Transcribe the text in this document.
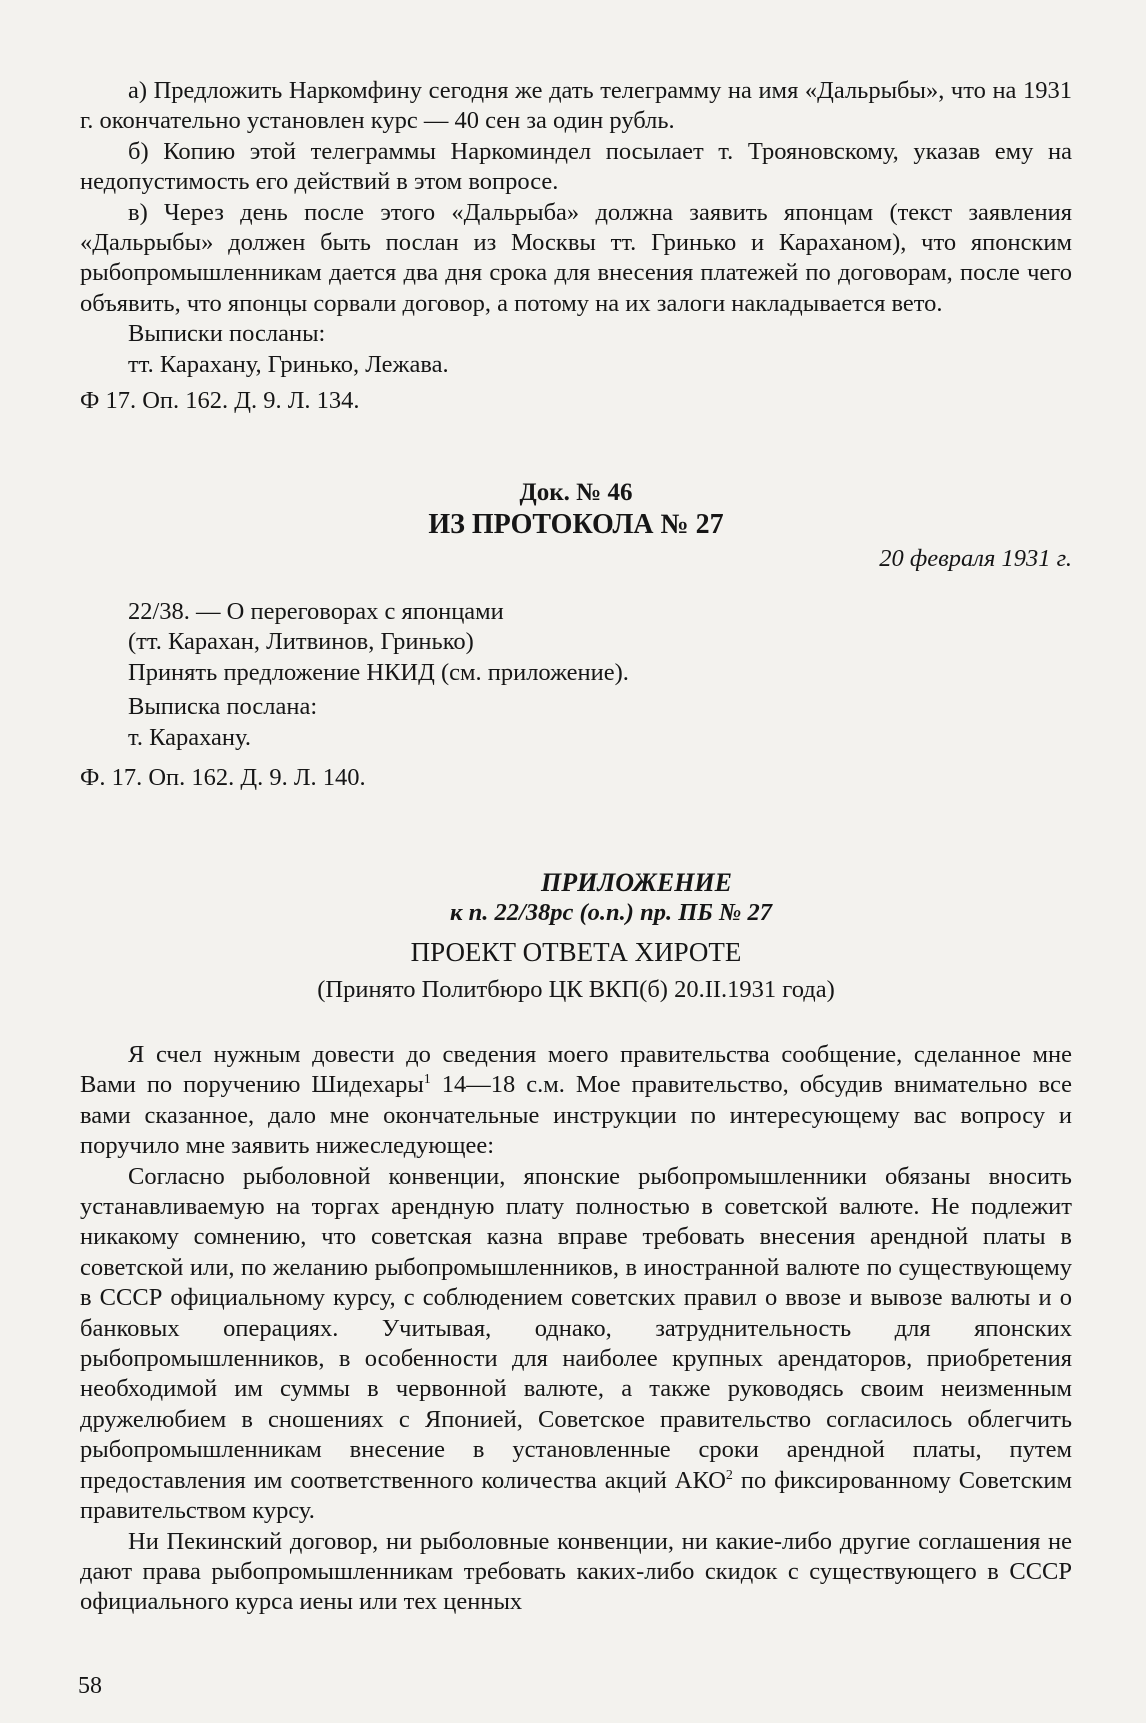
а) Предложить Наркомфину сегодня же дать телеграмму на имя «Дальрыбы», что на 1931 г. окончательно установлен курс — 40 сен за один рубль.

б) Копию этой телеграммы Наркоминдел посылает т. Трояновскому, указав ему на недопустимость его действий в этом вопросе.

в) Через день после этого «Дальрыба» должна заявить японцам (текст заявления «Дальрыбы» должен быть послан из Москвы тт. Гринько и Караханом), что японским рыбопромышленникам дается два дня срока для внесения платежей по договорам, после чего объявить, что японцы сорвали договор, а потому на их залоги накладывается вето.

Выписки посланы:

тт. Карахану, Гринько, Лежава.

Ф 17. Оп. 162. Д. 9. Л. 134.

Док. № 46

ИЗ ПРОТОКОЛА № 27

20 февраля 1931 г.

22/38. — О переговорах с японцами

(тт. Карахан, Литвинов, Гринько)

Принять предложение НКИД (см. приложение).

Выписка послана:

т. Карахану.

Ф. 17. Оп. 162. Д. 9. Л. 140.

ПРИЛОЖЕНИЕ

к п. 22/38рс (о.п.) пр. ПБ № 27

ПРОЕКТ ОТВЕТА ХИРОТЕ

(Принято Политбюро ЦК ВКП(б) 20.II.1931 года)

Я счел нужным довести до сведения моего правительства сообщение, сделанное мне Вами по поручению Шидехары$^1$ 14—18 с.м. Мое правительство, обсудив внимательно все вами сказанное, дало мне окончательные инструкции по интересующему вас вопросу и поручило мне заявить нижеследующее:

Согласно рыболовной конвенции, японские рыбопромышленники обязаны вносить устанавливаемую на торгах арендную плату полностью в советской валюте. Не подлежит никакому сомнению, что советская казна вправе требовать внесения арендной платы в советской или, по желанию рыбопромышленников, в иностранной валюте по существующему в СССР официальному курсу, с соблюдением советских правил о ввозе и вывозе валюты и о банковых операциях. Учитывая, однако, затруднительность для японских рыбопромышленников, в особенности для наиболее крупных арендаторов, приобретения необходимой им суммы в червонной валюте, а также руководясь своим неизменным дружелюбием в сношениях с Японией, Советское правительство согласилось облегчить рыбопромышленникам внесение в установленные сроки арендной платы, путем предоставления им соответственного количества акций АКО$^2$ по фиксированному Советским правительством курсу.

Ни Пекинский договор, ни рыболовные конвенции, ни какие-либо другие соглашения не дают права рыбопромышленникам требовать каких-либо скидок с существующего в СССР официального курса иены или тех ценных

58
